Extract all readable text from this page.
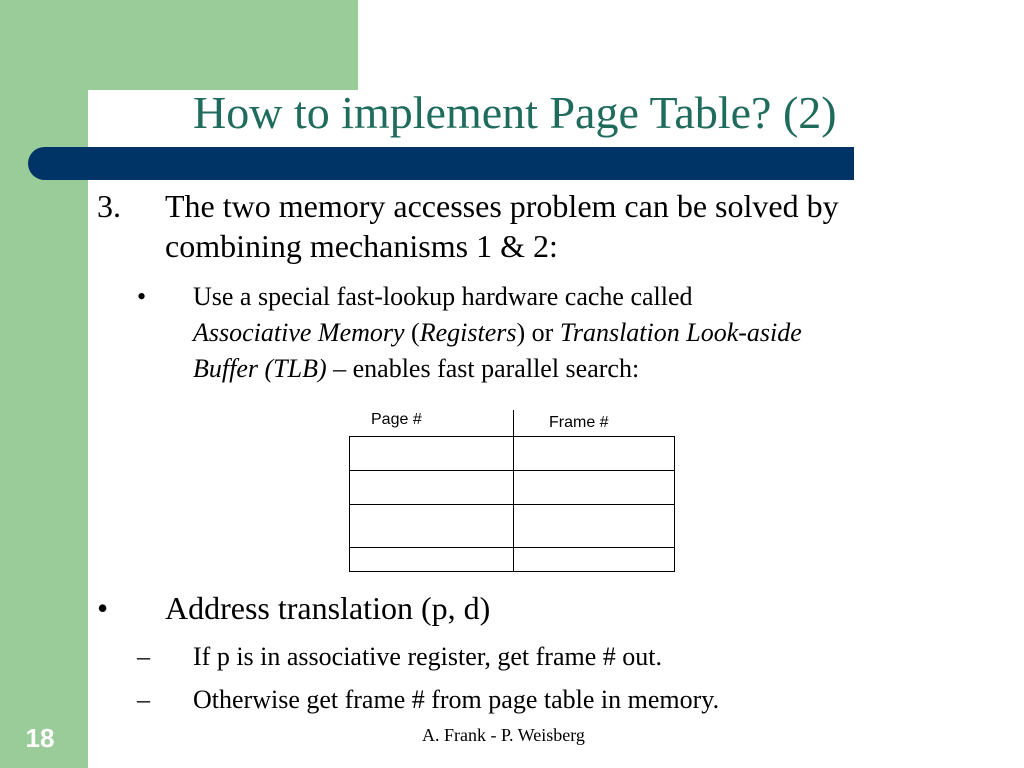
How to implement Page Table? (2)
3. The two memory accesses problem can be solved by
combining mechanisms 1 & 2:
• Use a special fast-lookup hardware cache called
Associative Memory (Registers) or Translation Look-aside
Buffer (TLB) – enables fast parallel search:
Page #	Frame #
• Address translation (p, d)
– If p is in associative register, get frame # out.
– Otherwise get frame # from page table in memory.
18	A. Frank - P. Weisberg
